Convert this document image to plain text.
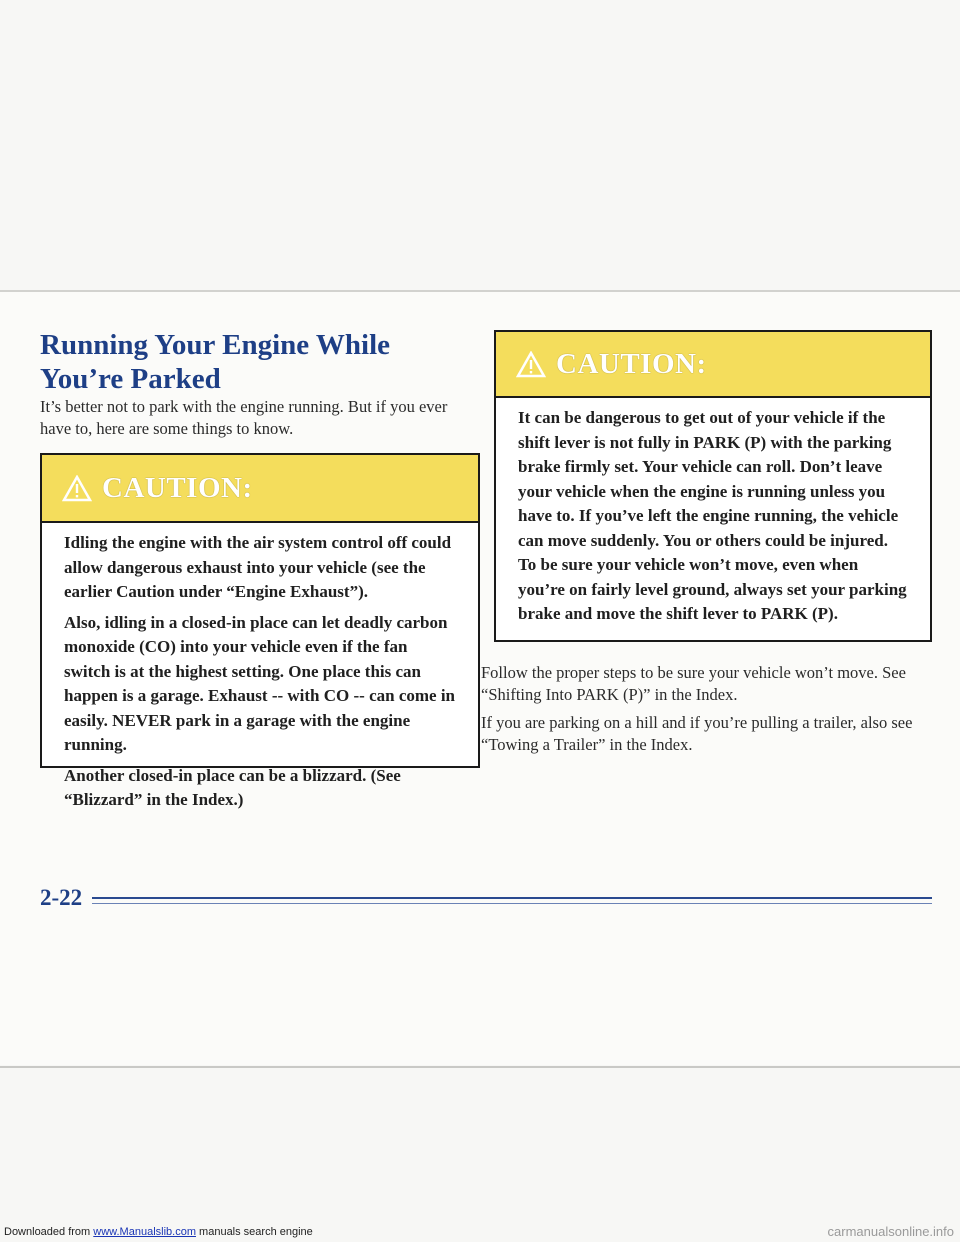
Running Your Engine While
You’re Parked

It’s better not to park with the engine running. But if you ever have to, here are some things to know.

CAUTION:

Idling the engine with the air system control off could allow dangerous exhaust into your vehicle (see the earlier Caution under “Engine Exhaust”).

Also, idling in a closed-in place can let deadly carbon monoxide (CO) into your vehicle even if the fan switch is at the highest setting. One place this can happen is a garage. Exhaust -- with CO -- can come in easily. NEVER park in a garage with the engine running.

Another closed-in place can be a blizzard. (See “Blizzard” in the Index.)

CAUTION:

It can be dangerous to get out of your vehicle if the shift lever is not fully in PARK (P) with the parking brake firmly set. Your vehicle can roll. Don’t leave your vehicle when the engine is running unless you have to. If you’ve left the engine running, the vehicle can move suddenly. You or others could be injured. To be sure your vehicle won’t move, even when you’re on fairly level ground, always set your parking brake and move the shift lever to PARK (P).

Follow the proper steps to be sure your vehicle won’t move. See “Shifting Into PARK (P)” in the Index.

If you are parking on a hill and if you’re pulling a trailer, also see “Towing a Trailer” in the Index.

2-22
Downloaded from www.Manualslib.com manuals search engine	carmanualsonline.info
